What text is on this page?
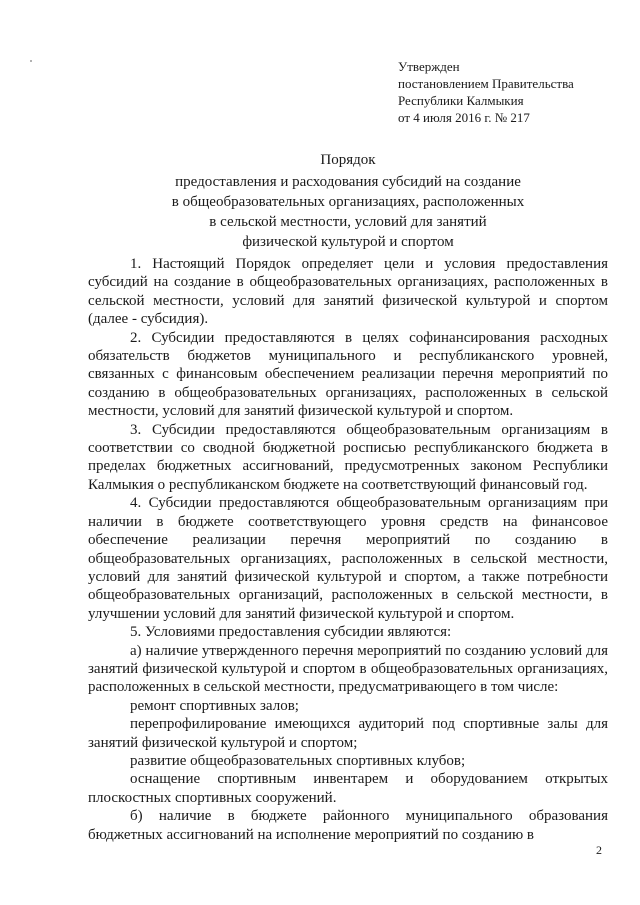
Утвержден
постановлением Правительства
Республики Калмыкия
от 4 июля 2016 г. № 217
Порядок
предоставления и расходования субсидий на создание
в общеобразовательных организациях, расположенных
в сельской местности, условий для занятий
физической культурой и спортом

1. Настоящий Порядок определяет цели и условия предоставления субсидий на создание в общеобразовательных организациях, расположенных в сельской местности, условий для занятий физической культурой и спортом (далее - субсидия).

2. Субсидии предоставляются в целях софинансирования расходных обязательств бюджетов муниципального и республиканского уровней, связанных с финансовым обеспечением реализации перечня мероприятий по созданию в общеобразовательных организациях, расположенных в сельской местности, условий для занятий физической культурой и спортом.

3. Субсидии предоставляются общеобразовательным организациям в соответствии со сводной бюджетной росписью республиканского бюджета в пределах бюджетных ассигнований, предусмотренных законом Республики Калмыкия о республиканском бюджете на соответствующий финансовый год.

4. Субсидии предоставляются общеобразовательным организациям при наличии в бюджете соответствующего уровня средств на финансовое обеспечение реализации перечня мероприятий по созданию в общеобразовательных организациях, расположенных в сельской местности, условий для занятий физической культурой и спортом, а также потребности общеобразовательных организаций, расположенных в сельской местности, в улучшении условий для занятий физической культурой и спортом.

5. Условиями предоставления субсидии являются:

а) наличие утвержденного перечня мероприятий по созданию условий для занятий физической культурой и спортом в общеобразовательных организациях, расположенных в сельской местности, предусматривающего в том числе:

ремонт спортивных залов;

перепрофилирование имеющихся аудиторий под спортивные залы для занятий физической культурой и спортом;

развитие общеобразовательных спортивных клубов;

оснащение спортивным инвентарем и оборудованием открытых плоскостных спортивных сооружений.

б) наличие в бюджете районного муниципального образования бюджетных ассигнований на исполнение мероприятий по созданию в

2
